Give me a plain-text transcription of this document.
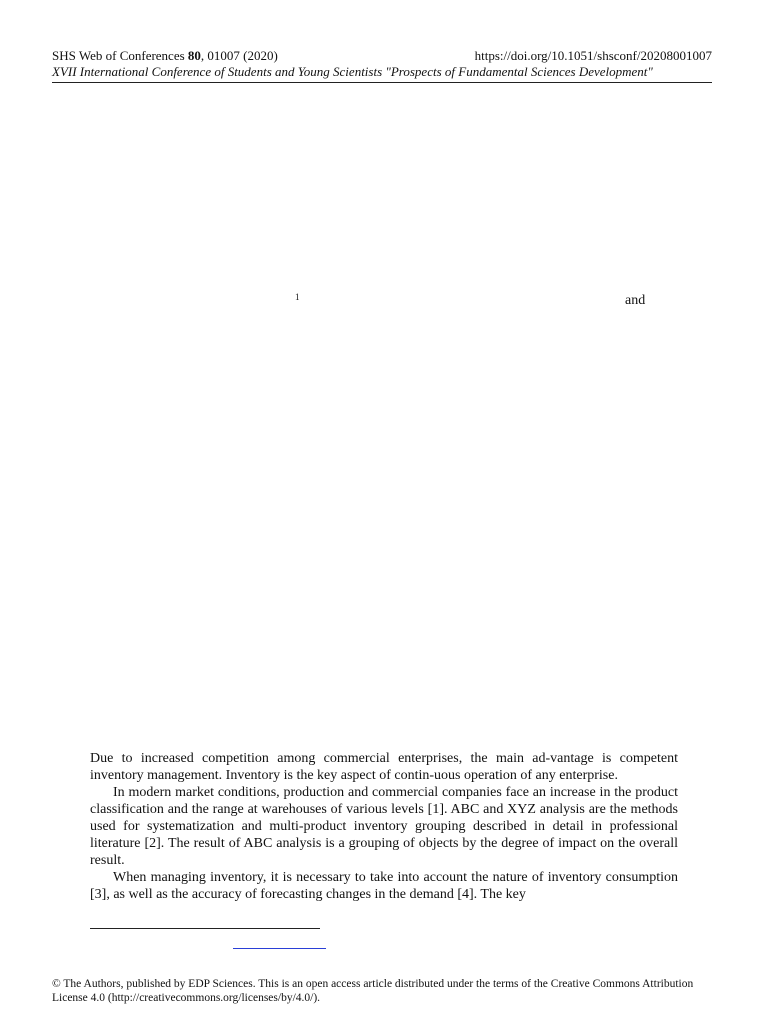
SHS Web of Conferences 80, 01007 (2020)	https://doi.org/10.1051/shsconf/20208001007
XVII International Conference of Students and Young Scientists "Prospects of Fundamental Sciences Development"
1	and

Due to increased competition among commercial enterprises, the main ad-vantage is competent inventory management. Inventory is the key aspect of contin-uous operation of any enterprise.

In modern market conditions, production and commercial companies face an increase in the product classification and the range at warehouses of various levels [1]. ABC and XYZ analysis are the methods used for systematization and multi-product inventory grouping described in detail in professional literature [2]. The result of ABC analysis is a grouping of objects by the degree of impact on the overall result.

When managing inventory, it is necessary to take into account the nature of inventory consumption [3], as well as the accuracy of forecasting changes in the demand [4]. The key

© The Authors, published by EDP Sciences. This is an open access article distributed under the terms of the Creative Commons Attribution License 4.0 (http://creativecommons.org/licenses/by/4.0/).
